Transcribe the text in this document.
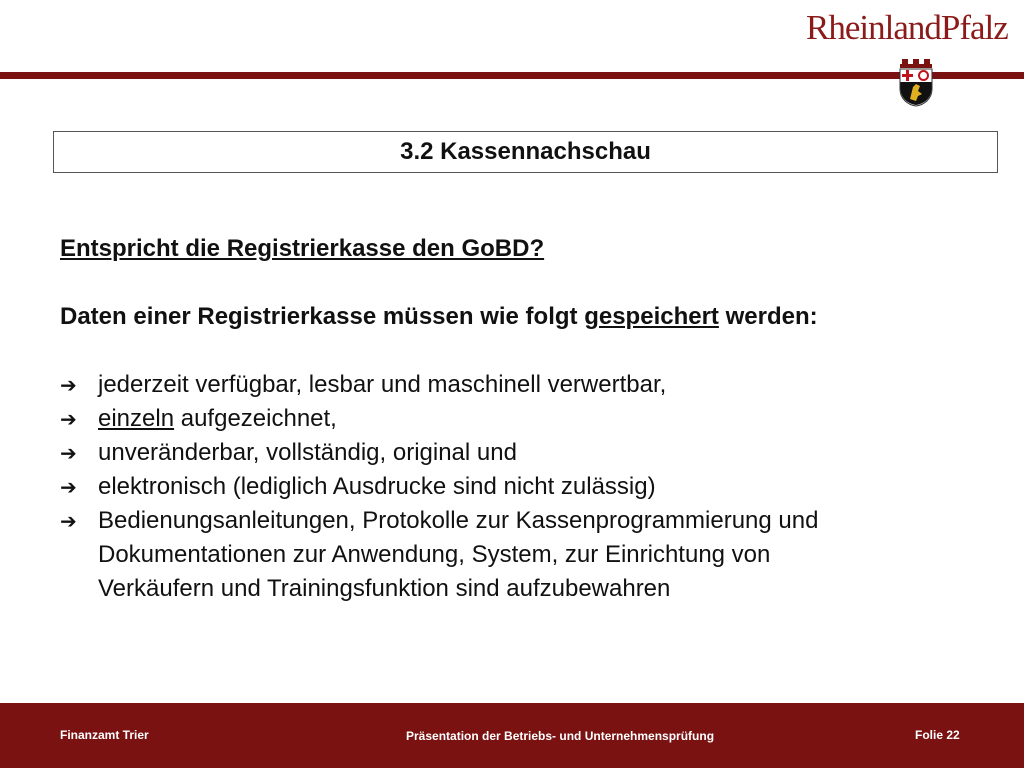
RheinlandPfalz
3.2 Kassennachschau

Entspricht die Registrierkasse den GoBD?

Daten einer Registrierkasse müssen wie folgt gespeichert werden:

➔ jederzeit verfügbar, lesbar und maschinell verwertbar,
➔ einzeln aufgezeichnet,
➔ unveränderbar, vollständig, original und
➔ elektronisch (lediglich Ausdrucke sind nicht zulässig)
➔ Bedienungsanleitungen, Protokolle zur Kassenprogrammierung und
Dokumentationen zur Anwendung, System, zur Einrichtung von
Verkäufern und Trainingsfunktion sind aufzubewahren
Finanzamt Trier	Präsentation der Betriebs- und Unternehmensprüfung	Folie 22
